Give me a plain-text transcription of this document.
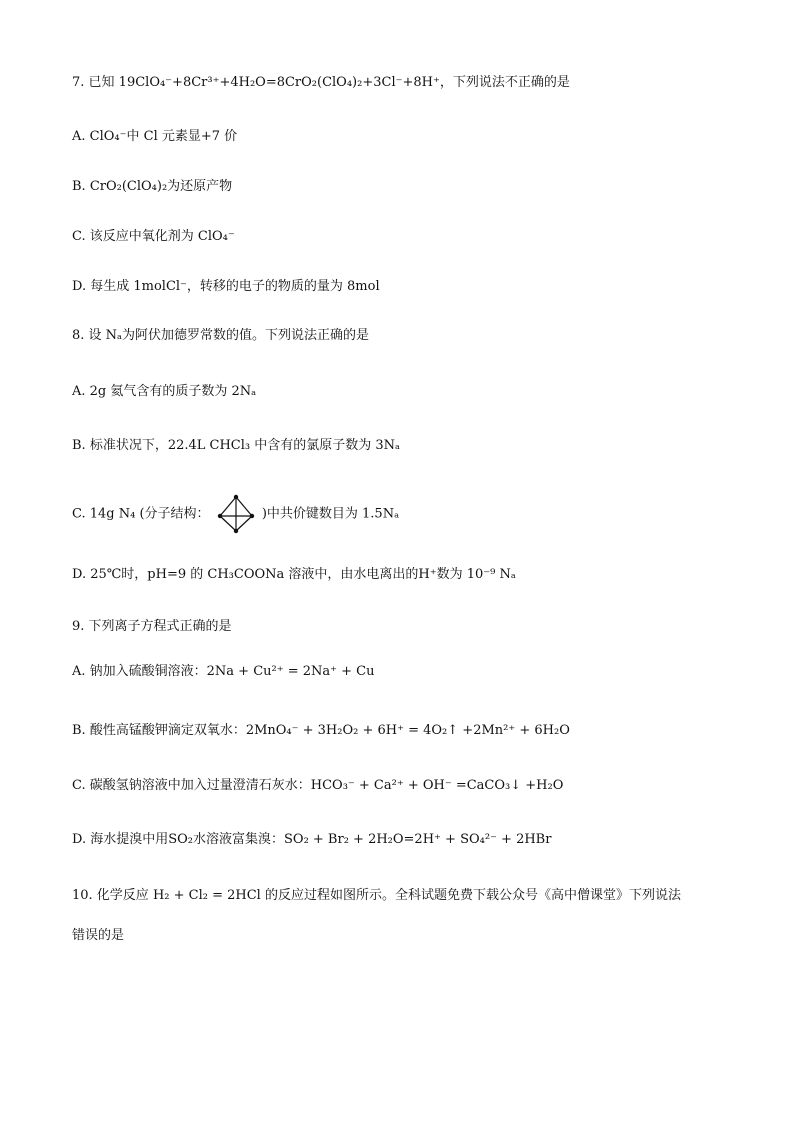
7. 已知 19ClO₄⁻+8Cr³⁺+4H₂O=8CrO₂(ClO₄)₂+3Cl⁻+8H⁺，下列说法不正确的是
A. ClO₄⁻中 Cl 元素显+7 价
B. CrO₂(ClO₄)₂为还原产物
C. 该反应中氧化剂为 ClO₄⁻
D. 每生成 1molCl⁻，转移的电子的物质的量为 8mol
8. 设 Nₐ为阿伏加德罗常数的值。下列说法正确的是
A. 2g 氦气含有的质子数为 2Nₐ
B. 标准状况下，22.4L CHCl₃ 中含有的氯原子数为 3Nₐ
C. 14g N₄ (分子结构：	)中共价键数目为 1.5Nₐ
D. 25℃时，pH=9 的 CH₃COONa 溶液中，由水电离出的H⁺数为 10⁻⁹ Nₐ
9. 下列离子方程式正确的是
A. 钠加入硫酸铜溶液：2Na + Cu²⁺ = 2Na⁺ + Cu
B. 酸性高锰酸钾滴定双氧水：2MnO₄⁻ + 3H₂O₂ + 6H⁺ = 4O₂↑ +2Mn²⁺ + 6H₂O
C. 碳酸氢钠溶液中加入过量澄清石灰水：HCO₃⁻ + Ca²⁺ + OH⁻ =CaCO₃↓ +H₂O
D. 海水提溴中用SO₂水溶液富集溴：SO₂ + Br₂ + 2H₂O=2H⁺ + SO₄²⁻ + 2HBr
10. 化学反应 H₂ + Cl₂ = 2HCl 的反应过程如图所示。全科试题免费下载公众号《高中僧课堂》下列说法
错误的是
